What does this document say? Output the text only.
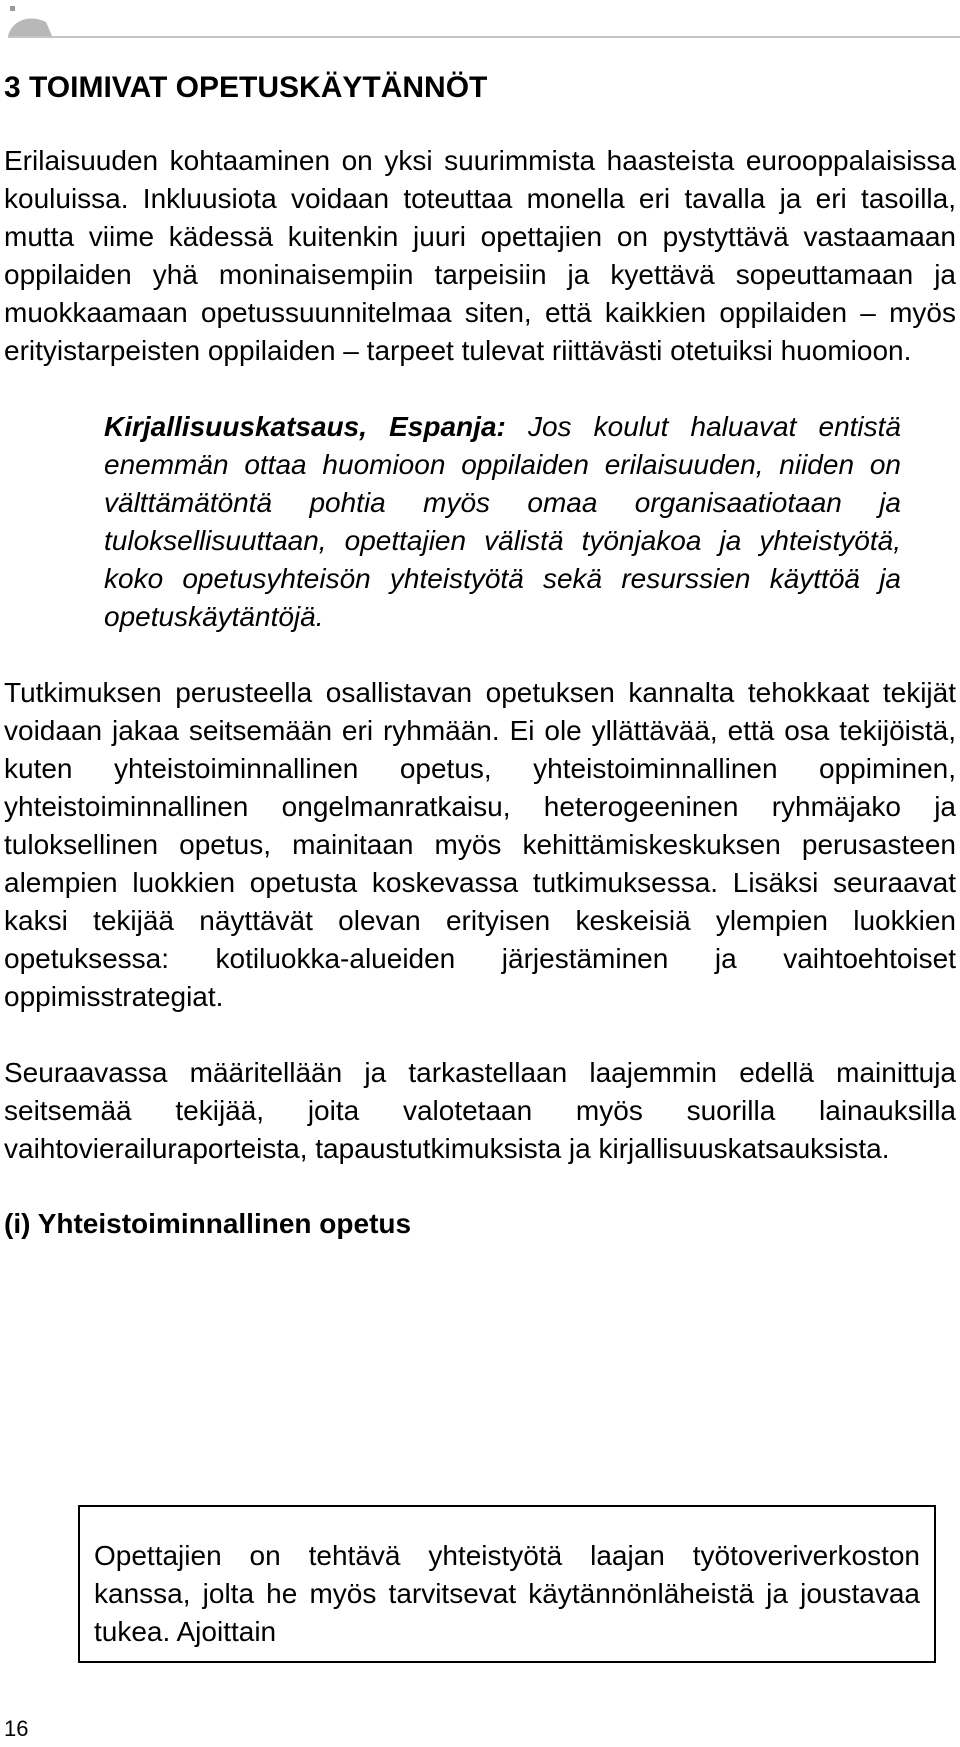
3 TOIMIVAT OPETUSKÄYTÄNNÖT

Erilaisuuden kohtaaminen on yksi suurimmista haasteista eurooppalaisissa kouluissa. Inkluusiota voidaan toteuttaa monella eri tavalla ja eri tasoilla, mutta viime kädessä kuitenkin juuri opettajien on pystyttävä vastaamaan oppilaiden yhä moninaisempiin tarpeisiin ja kyettävä sopeuttamaan ja muokkaamaan opetussuunnitelmaa siten, että kaikkien oppilaiden – myös erityistarpeisten oppilaiden – tarpeet tulevat riittävästi otetuiksi huomioon.

Kirjallisuuskatsaus, Espanja: Jos koulut haluavat entistä enemmän ottaa huomioon oppilaiden erilaisuuden, niiden on välttämätöntä pohtia myös omaa organisaatiotaan ja tuloksellisuuttaan, opettajien välistä työnjakoa ja yhteistyötä, koko opetusyhteisön yhteistyötä sekä resurssien käyttöä ja opetuskäytäntöjä.

Tutkimuksen perusteella osallistavan opetuksen kannalta tehokkaat tekijät voidaan jakaa seitsemään eri ryhmään. Ei ole yllättävää, että osa tekijöistä, kuten yhteistoiminnallinen opetus, yhteistoiminnallinen oppiminen, yhteistoiminnallinen ongelmanratkaisu, heterogeeninen ryhmäjako ja tuloksellinen opetus, mainitaan myös kehittämiskeskuksen perusasteen alempien luokkien opetusta koskevassa tutkimuksessa. Lisäksi seuraavat kaksi tekijää näyttävät olevan erityisen keskeisiä ylempien luokkien opetuksessa: kotiluokka-alueiden järjestäminen ja vaihtoehtoiset oppimisstrategiat.

Seuraavassa määritellään ja tarkastellaan laajemmin edellä mainittuja seitsemää tekijää, joita valotetaan myös suorilla lainauksilla vaihtovierailuraporteista, tapaustutkimuksista ja kirjallisuuskatsauksista.

(i) Yhteistoiminnallinen opetus

Opettajien on tehtävä yhteistyötä laajan työtoveriverkoston kanssa, jolta he myös tarvitsevat käytännönläheistä ja joustavaa tukea. Ajoittain

16
